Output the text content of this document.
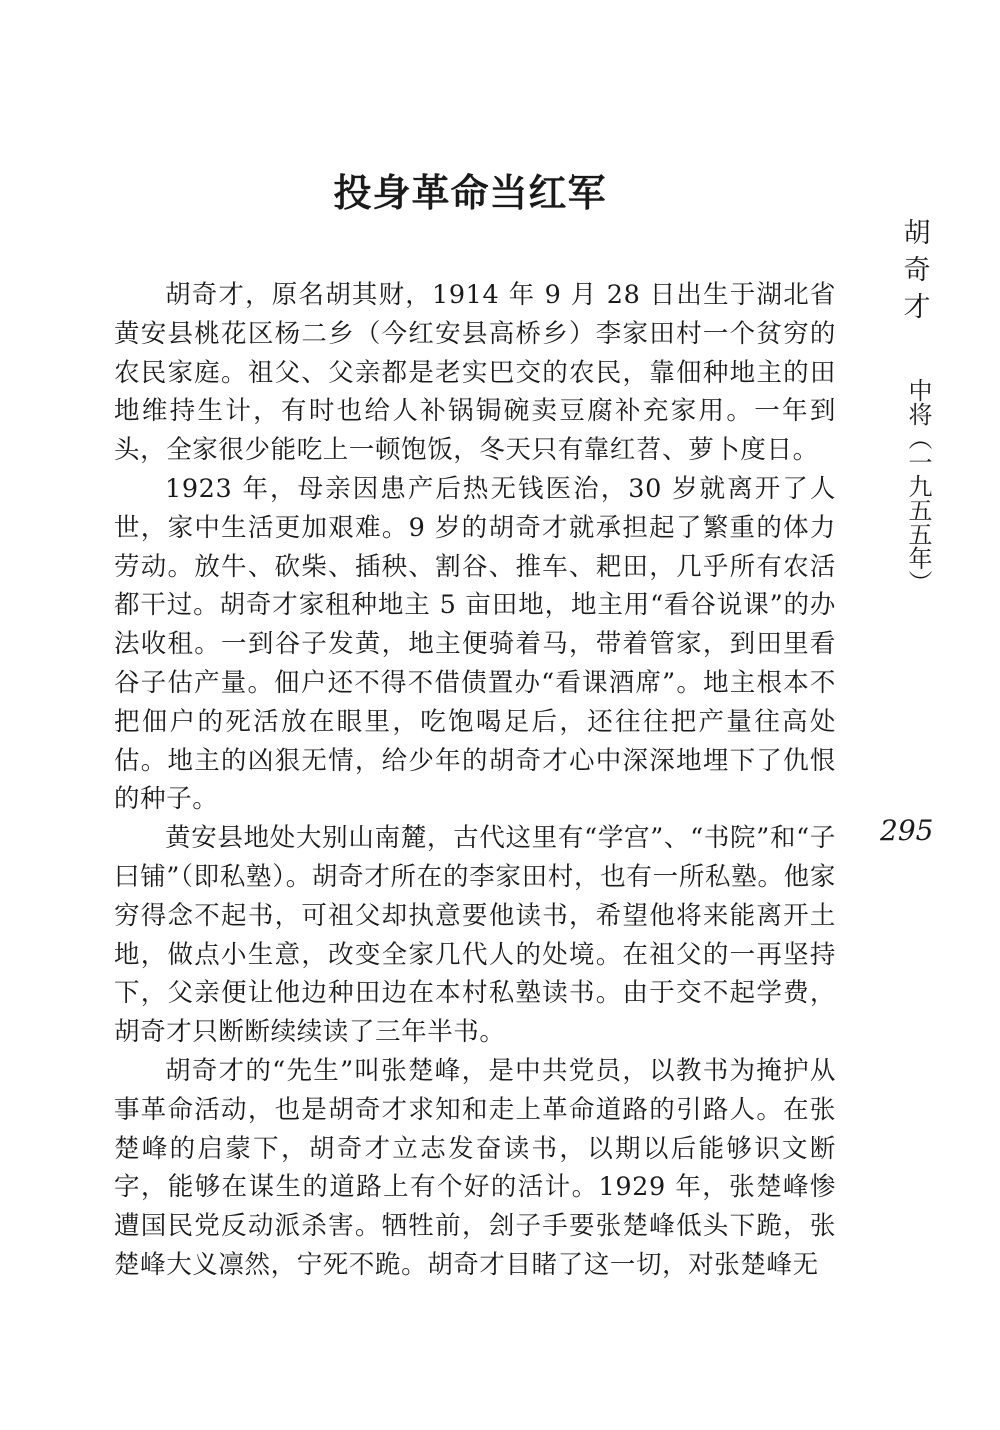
投身革命当红军

胡奇才，原名胡其财，1914 年 9 月 28 日出生于湖北省黄安县桃花区杨二乡（今红安县高桥乡）李家田村一个贫穷的农民家庭。祖父、父亲都是老实巴交的农民，靠佃种地主的田地维持生计，有时也给人补锅锔碗卖豆腐补充家用。一年到头，全家很少能吃上一顿饱饭，冬天只有靠红苕、萝卜度日。

1923 年，母亲因患产后热无钱医治，30 岁就离开了人世，家中生活更加艰难。9 岁的胡奇才就承担起了繁重的体力劳动。放牛、砍柴、插秧、割谷、推车、耙田，几乎所有农活都干过。胡奇才家租种地主 5 亩田地，地主用“看谷说课”的办法收租。一到谷子发黄，地主便骑着马，带着管家，到田里看谷子估产量。佃户还不得不借债置办“看课酒席”。地主根本不把佃户的死活放在眼里，吃饱喝足后，还往往把产量往高处估。地主的凶狠无情，给少年的胡奇才心中深深地埋下了仇恨的种子。

黄安县地处大别山南麓，古代这里有“学宫”、“书院”和“子曰铺”（即私塾）。胡奇才所在的李家田村，也有一所私塾。他家穷得念不起书，可祖父却执意要他读书，希望他将来能离开土地，做点小生意，改变全家几代人的处境。在祖父的一再坚持下，父亲便让他边种田边在本村私塾读书。由于交不起学费，胡奇才只断断续续读了三年半书。

胡奇才的“先生”叫张楚峰，是中共党员，以教书为掩护从事革命活动，也是胡奇才求知和走上革命道路的引路人。在张楚峰的启蒙下，胡奇才立志发奋读书，以期以后能够识文断字，能够在谋生的道路上有个好的活计。1929 年，张楚峰惨遭国民党反动派杀害。牺牲前，刽子手要张楚峰低头下跪，张楚峰大义凛然，宁死不跪。胡奇才目睹了这一切，对张楚峰无

胡
奇
才
中将（一九五五年）
295
